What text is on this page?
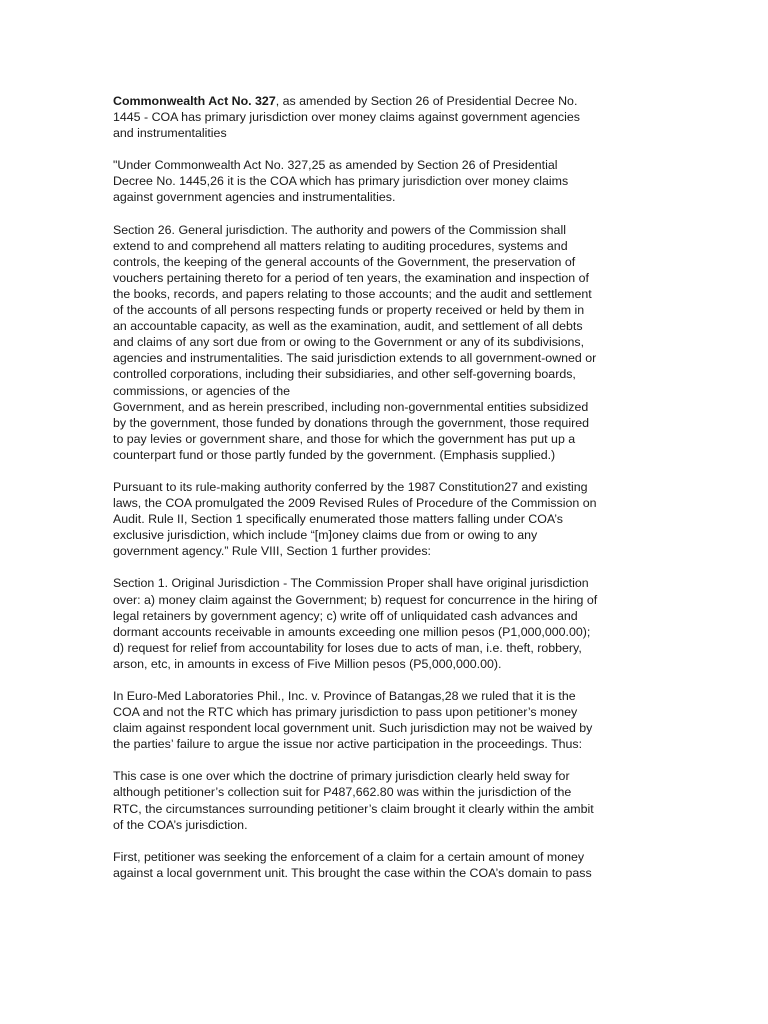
Commonwealth Act No. 327, as amended by Section 26 of Presidential Decree No.
1445 - COA has primary jurisdiction over money claims against government agencies
and instrumentalities

"Under Commonwealth Act No. 327,25 as amended by Section 26 of Presidential
Decree No. 1445,26 it is the COA which has primary jurisdiction over money claims
against government agencies and instrumentalities.

Section 26. General jurisdiction. The authority and powers of the Commission shall
extend to and comprehend all matters relating to auditing procedures, systems and
controls, the keeping of the general accounts of the Government, the preservation of
vouchers pertaining thereto for a period of ten years, the examination and inspection of
the books, records, and papers relating to those accounts; and the audit and settlement
of the accounts of all persons respecting funds or property received or held by them in
an accountable capacity, as well as the examination, audit, and settlement of all debts
and claims of any sort due from or owing to the Government or any of its subdivisions,
agencies and instrumentalities. The said jurisdiction extends to all government-owned or
controlled corporations, including their subsidiaries, and other self-governing boards,
commissions, or agencies of the
Government, and as herein prescribed, including non-governmental entities subsidized
by the government, those funded by donations through the government, those required
to pay levies or government share, and those for which the government has put up a
counterpart fund or those partly funded by the government. (Emphasis supplied.)

Pursuant to its rule-making authority conferred by the 1987 Constitution27 and existing
laws, the COA promulgated the 2009 Revised Rules of Procedure of the Commission on
Audit. Rule II, Section 1 specifically enumerated those matters falling under COA’s
exclusive jurisdiction, which include “[m]oney claims due from or owing to any
government agency.” Rule VIII, Section 1 further provides:

Section 1. Original Jurisdiction - The Commission Proper shall have original jurisdiction
over: a) money claim against the Government; b) request for concurrence in the hiring of
legal retainers by government agency; c) write off of unliquidated cash advances and
dormant accounts receivable in amounts exceeding one million pesos (P1,000,000.00);
d) request for relief from accountability for loses due to acts of man, i.e. theft, robbery,
arson, etc, in amounts in excess of Five Million pesos (P5,000,000.00).

In Euro-Med Laboratories Phil., Inc. v. Province of Batangas,28 we ruled that it is the
COA and not the RTC which has primary jurisdiction to pass upon petitioner’s money
claim against respondent local government unit. Such jurisdiction may not be waived by
the parties’ failure to argue the issue nor active participation in the proceedings. Thus:

This case is one over which the doctrine of primary jurisdiction clearly held sway for
although petitioner’s collection suit for P487,662.80 was within the jurisdiction of the
RTC, the circumstances surrounding petitioner’s claim brought it clearly within the ambit
of the COA’s jurisdiction.

First, petitioner was seeking the enforcement of a claim for a certain amount of money
against a local government unit. This brought the case within the COA’s domain to pass
